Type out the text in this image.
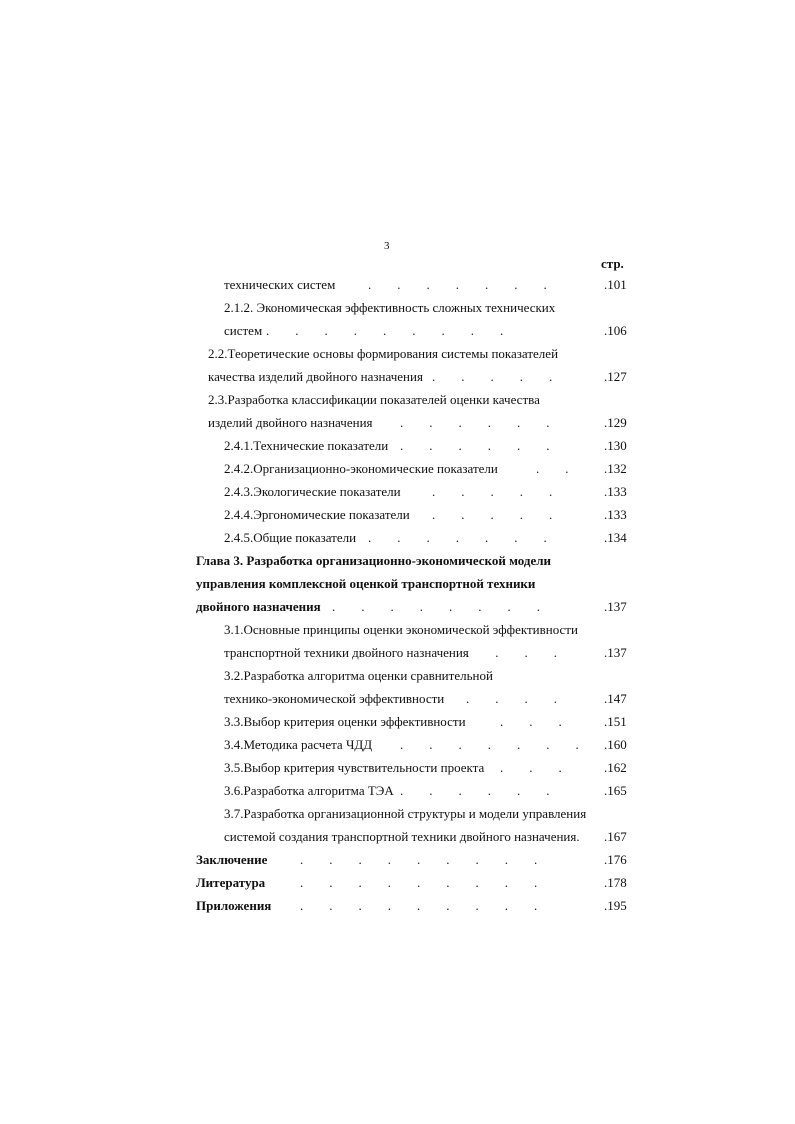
3
стр.
технических систем	.        .        .        .        .        .        .	.101
2.1.2. Экономическая эффективность сложных технических
систем .        .        .        .        .        .        .        .        .	.106
2.2.Теоретические основы формирования системы показателей
качества изделий двойного назначения .        .        .        .        .	.127
2.3.Разработка классификации показателей оценки качества
изделий двойного назначения .        .        .        .        .        .	.129
2.4.1.Технические показатели .        .        .        .        .        .	.130
2.4.2.Организационно-экономические показатели	.        .	.132
2.4.3.Экологические показатели .        .        .        .        .	.133
2.4.4.Эргономические показатели .        .        .        .        .	.133
2.4.5.Общие показатели .        .        .        .        .        .        .	.134
Глава 3. Разработка организационно-экономической модели
управления комплексной оценкой транспортной техники
двойного назначения .        .        .        .        .        .        .        .	.137
3.1.Основные принципы оценки экономической эффективности
транспортной техники двойного назначения
.        .        .        .	.137
3.2.Разработка алгоритма оценки сравнительной
технико-экономической эффективности .        .        .        .	.147
3.3.Выбор критерия оценки эффективности	.        .        .	.151
3.4.Методика расчета ЧДД .        .        .        .        .        .        . .160
3.5.Выбор критерия чувствительности проекта .        .        .	.162
3.6.Разработка алгоритма ТЭА .        .        .        .        .        .	.165
3.7.Разработка организационной структуры и модели управления
системой создания транспортной техники двойного назначения. .167
Заключение	.        .        .        .        .        .        .        .        .	.176
Литература	.        .        .        .        .        .        .        .        .	.178
Приложения .        .        .        .        .        .        .        .        .	.195
